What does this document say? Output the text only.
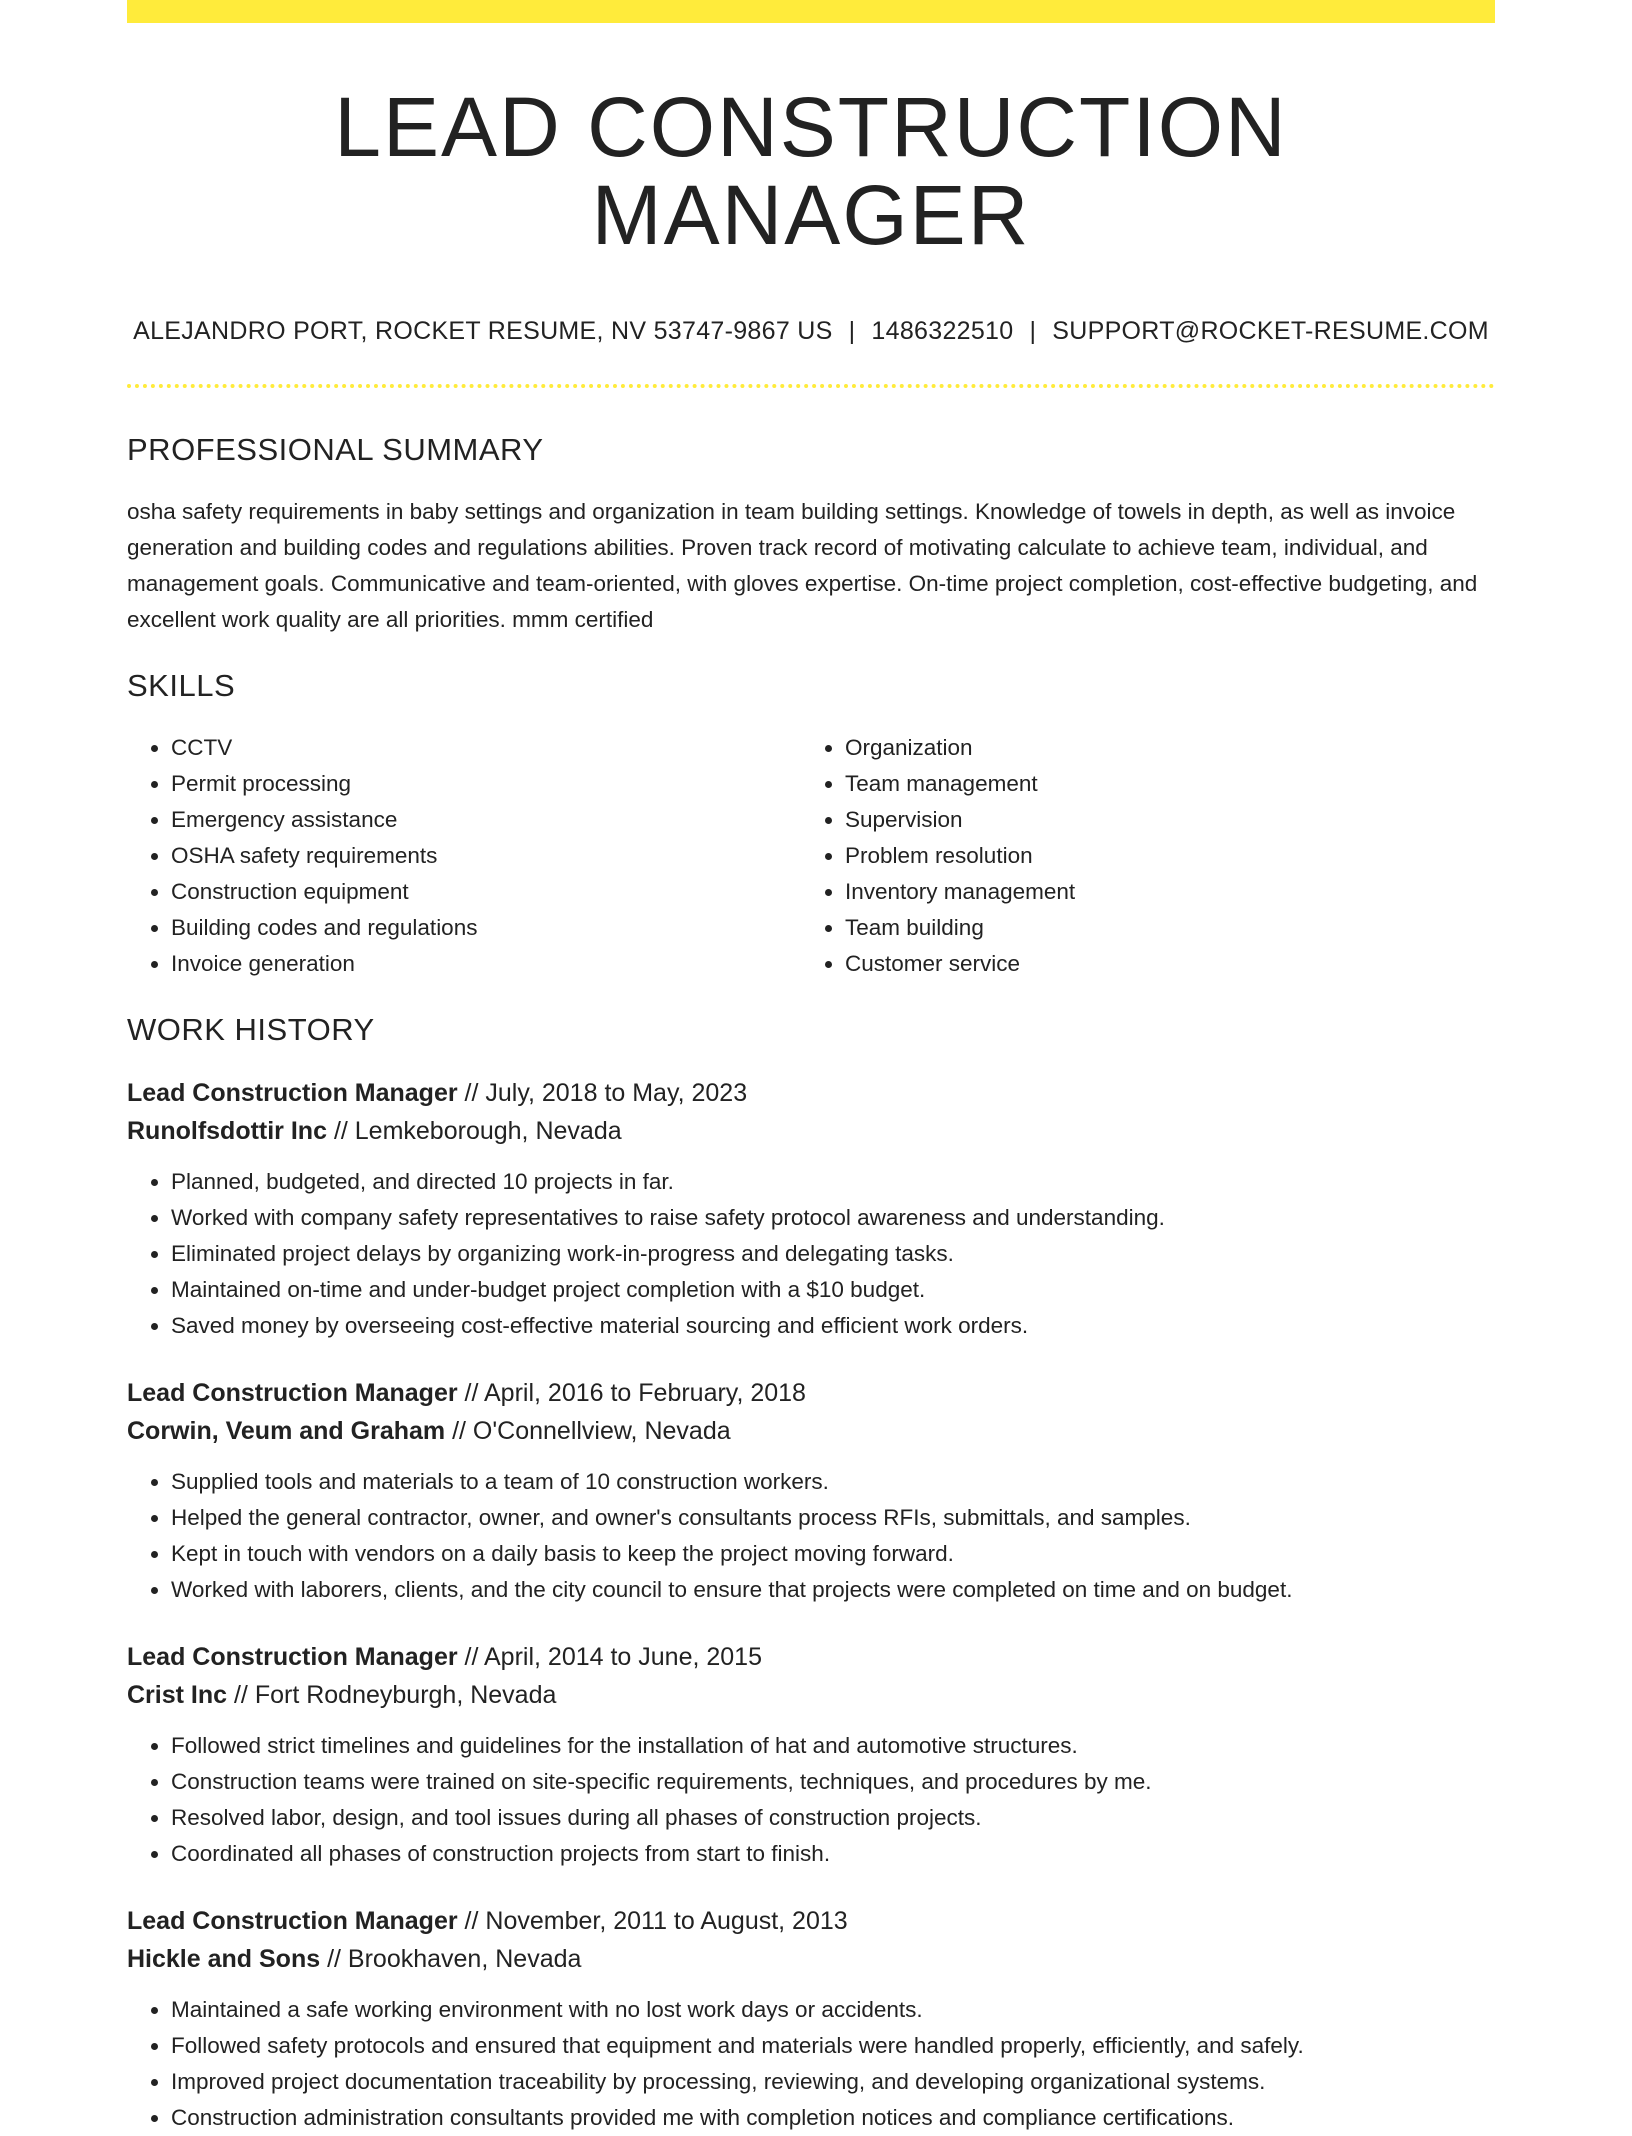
LEAD CONSTRUCTION MANAGER
ALEJANDRO PORT, ROCKET RESUME, NV 53747-9867 US | 1486322510 | SUPPORT@ROCKET-RESUME.COM
PROFESSIONAL SUMMARY
osha safety requirements in baby settings and organization in team building settings. Knowledge of towels in depth, as well as invoice generation and building codes and regulations abilities. Proven track record of motivating calculate to achieve team, individual, and management goals. Communicative and team-oriented, with gloves expertise. On-time project completion, cost-effective budgeting, and excellent work quality are all priorities. mmm certified
SKILLS
• CCTV
• Permit processing
• Emergency assistance
• OSHA safety requirements
• Construction equipment
• Building codes and regulations
• Invoice generation
• Organization
• Team management
• Supervision
• Problem resolution
• Inventory management
• Team building
• Customer service
WORK HISTORY
Lead Construction Manager // July, 2018 to May, 2023
Runolfsdottir Inc // Lemkeborough, Nevada
• Planned, budgeted, and directed 10 projects in far.
• Worked with company safety representatives to raise safety protocol awareness and understanding.
• Eliminated project delays by organizing work-in-progress and delegating tasks.
• Maintained on-time and under-budget project completion with a $10 budget.
• Saved money by overseeing cost-effective material sourcing and efficient work orders.
Lead Construction Manager // April, 2016 to February, 2018
Corwin, Veum and Graham // O'Connellview, Nevada
• Supplied tools and materials to a team of 10 construction workers.
• Helped the general contractor, owner, and owner's consultants process RFIs, submittals, and samples.
• Kept in touch with vendors on a daily basis to keep the project moving forward.
• Worked with laborers, clients, and the city council to ensure that projects were completed on time and on budget.
Lead Construction Manager // April, 2014 to June, 2015
Crist Inc // Fort Rodneyburgh, Nevada
• Followed strict timelines and guidelines for the installation of hat and automotive structures.
• Construction teams were trained on site-specific requirements, techniques, and procedures by me.
• Resolved labor, design, and tool issues during all phases of construction projects.
• Coordinated all phases of construction projects from start to finish.
Lead Construction Manager // November, 2011 to August, 2013
Hickle and Sons // Brookhaven, Nevada
• Maintained a safe working environment with no lost work days or accidents.
• Followed safety protocols and ensured that equipment and materials were handled properly, efficiently, and safely.
• Improved project documentation traceability by processing, reviewing, and developing organizational systems.
• Construction administration consultants provided me with completion notices and compliance certifications.
